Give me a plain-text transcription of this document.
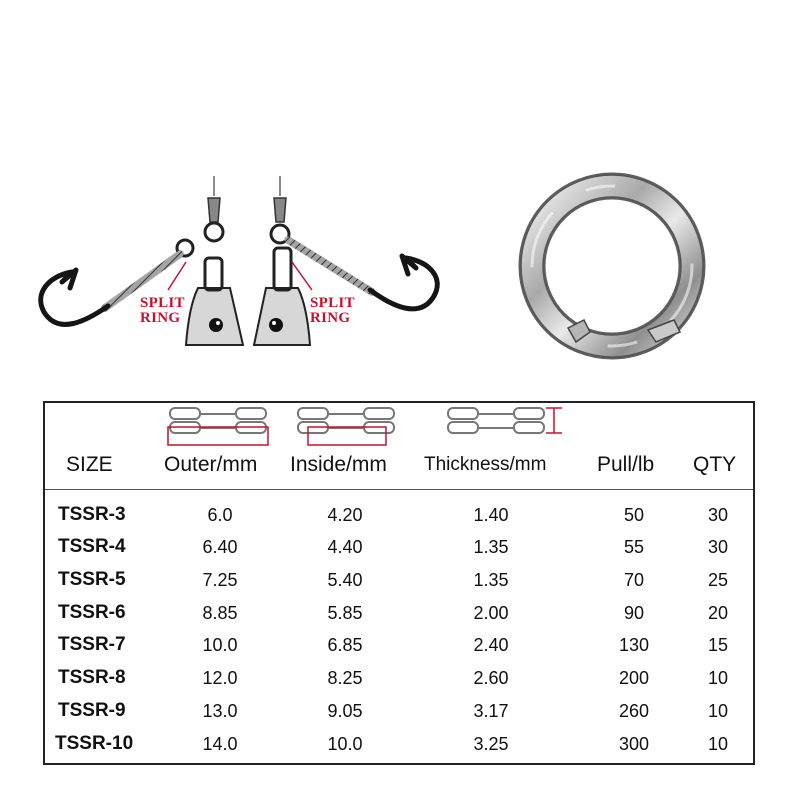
SPLIT
RING
SPLIT
RING
SIZE Outer/mm Inside/mm Thickness/mm Pull/lb QTY
TSSR-3	6.0	4.20	1.40	50	30
TSSR-4	6.40	4.40	1.35	55	30
TSSR-5	7.25	5.40	1.35	70	25
TSSR-6	8.85	5.85	2.00	90	20
TSSR-7	10.0	6.85	2.40	130	15
TSSR-8	12.0	8.25	2.60	200	10
TSSR-9	13.0	9.05	3.17	260	10
TSSR-10	14.0	10.0	3.25	300	10
